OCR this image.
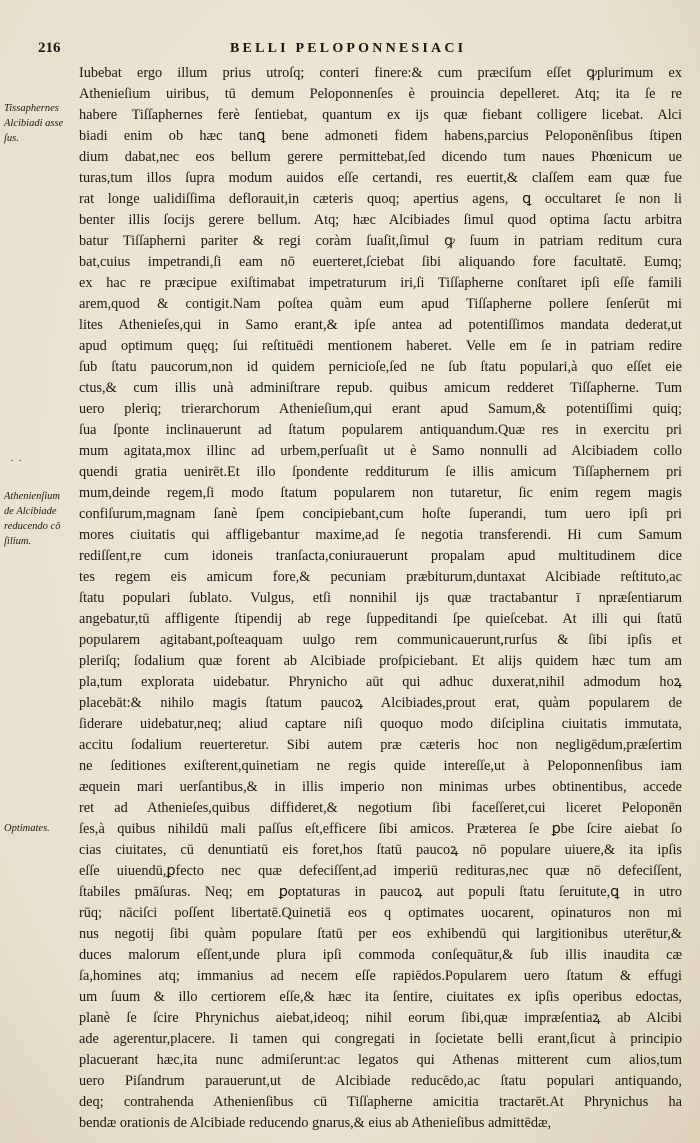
216	BELLI PELOPONNESIACI
Tissaphernes
Alcibiadi asse
ſus.
· ·
Athenienſium
de Alcibiade
reducendo cō
ſilium.
Optimates.
Iubebat ergo illum prius utroſq; conteri finere:& cum præciſum eſſet ꝙplurimum ex
Athenieſium uiribus, tū demum Peloponnenſes è prouincia depelleret. Atq; ita ſe re
habere Tiſſaphernes ferè ſentiebat, quantum ex ijs quæ fiebant colligere licebat. Alci
biadi enim ob hæc tanꝗ bene admoneti fidem habens,parcius Peloponēnſibus ſtipen
dium dabat,nec eos bellum gerere permittebat,ſed dicendo tum naues Phœnicum ue
turas,tum illos ſupra modum auidos eſſe certandi, res euertit,& claſſem eam quæ fue
rat longe ualidiſſima deflorauit,in cæteris quoq; apertius agens, ꝗ occultaret ſe non li
benter illis ſocijs gerere bellum. Atq; hæc Alcibiades ſimul quod optima ſactu arbitra
batur Tiſſapherni pariter & regi coràm ſuaſit,ſimul ꝙ ſuum in patriam reditum cura
bat,cuius impetrandi,ſi eam nō euerteret,ſciebat ſibi aliquando fore facultatē. Eumq;
ex hac re præcipue exiſtimabat impetraturum iri,ſi Tiſſapherne conſtaret ipſi eſſe famili
arem,quod & contigit.Nam poſtea quàm eum apud Tiſſapherne pollere ſenſerūt mi
lites Athenieſes,qui in Samo erant,& ipſe antea ad potentiſſimos mandata dederat,ut
apud optimum quęq; ſui reſtituēdi mentionem haberet. Velle em ſe in patriam redire
ſub ſtatu paucorum,non id quidem pernicioſe,ſed ne ſub ſtatu populari,à quo eſſet eie
ctus,& cum illis unà adminiſtrare repub. quibus amicum redderet Tiſſapherne. Tum
uero pleriq; trierarchorum Athenieſium,qui erant apud Samum,& potentiſſimi quiq;
ſua ſponte inclinauerunt ad ſtatum popularem antiquandum.Quæ res in exercitu pri
mum agitata,mox illinc ad urbem,perſuaſit ut è Samo nonnulli ad Alcibiadem collo
quendi gratia uenirēt.Et illo ſpondente redditurum ſe illis amicum Tiſſaphernem pri
mum,deinde regem,ſi modo ſtatum popularem non tutaretur, ſic enim regem magis
confiſurum,magnam ſanè ſpem concipiebant,cum hoſte ſuperandi, tum uero ipſi pri
mores ciuitatis qui affligebantur maxime,ad ſe negotia transferendi. Hi cum Samum
rediſſent,re cum idoneis tranſacta,coniurauerunt propalam apud multitudinem dice
tes regem eis amicum fore,& pecuniam præbiturum,duntaxat Alcibiade reſtituto,ac
ſtatu populari ſublato. Vulgus, etſi nonnihil ijs quæ tractabantur ī npræſentiarum
angebatur,tū affligente ſtipendij ab rege ſuppeditandi ſpe quieſcebat. At illi qui ſtatū
popularem agitabant,poſteaquam uulgo rem communicauerunt,rurſus & ſibi ipſis et
pleriſq; ſodalium quæ forent ab Alcibiade proſpiciebant. Et alijs quidem hæc tum am
pla,tum explorata uidebatur. Phrynicho aūt qui adhuc duxerat,nihil admodum hoꝝ
placebāt:& nihilo magis ſtatum paucoꝝ Alcibiades,prout erat, quàm popularem de
ſiderare uidebatur,neq; aliud captare niſi quoquo modo diſciplina ciuitatis immutata,
accitu ſodalium reuerteretur. Sibi autem præ cæteris hoc non negligēdum,præſertim
ne ſeditiones exiſterent,quinetiam ne regis quide intereſſe,ut à Peloponnenſibus iam
æquein mari uerſantibus,& in illis imperio non minimas urbes obtinentibus, accede
ret ad Athenieſes,quibus diffideret,& negotium ſibi faceſſeret,cui liceret Peloponēn
ſes,à quibus nihildū mali paſſus eſt,efficere ſibi amicos. Præterea ſe ꝑbe ſcire aiebat ſo
cias ciuitates, cū denuntiatū eis foret,hos ſtatū paucoꝝ nō populare uiuere,& ita ipſis
eſſe uiuendū,ꝑfecto nec quæ defeciſſent,ad imperiū redituras,nec quæ nō defeciſſent,
ſtabiles pmāſuras. Neq; em ꝑoptaturas in paucoꝝ aut populi ſtatu ſeruitute,ꝗ in utro
rūq; nāciſci poſſent libertatē.Quinetiā eos q optimates uocarent, opinaturos non mi
nus negotij ſibi quàm populare ſtatū per eos exhibendū qui largitionibus uterētur,&
duces malorum eſſent,unde plura ipſi commoda conſequātur,& ſub illis inaudita cæ
ſa,homines atq; immanius ad necem eſſe rapiēdos.Popularem uero ſtatum & effugi
um ſuum & illo certiorem eſſe,& hæc ita ſentire, ciuitates ex ipſis operibus edoctas,
planè ſe ſcire Phrynichus aiebat,ideoq; nihil eorum ſibi,quæ impræſentiaꝝ ab Alcibi
ade agerentur,placere. Ii tamen qui congregati in ſocietate belli erant,ſicut à principio
placuerant hæc,ita nunc admiſerunt:ac legatos qui Athenas mitterent cum alios,tum
uero Piſandrum parauerunt,ut de Alcibiade reducēdo,ac ſtatu populari antiquando,
deq; contrahenda Athenienſibus cū Tiſſapherne amicitia tractarēt.At Phrynichus ha
bendæ orationis de Alcibiade reducendo gnarus,& eius ab Athenieſibus admittēdæ,
